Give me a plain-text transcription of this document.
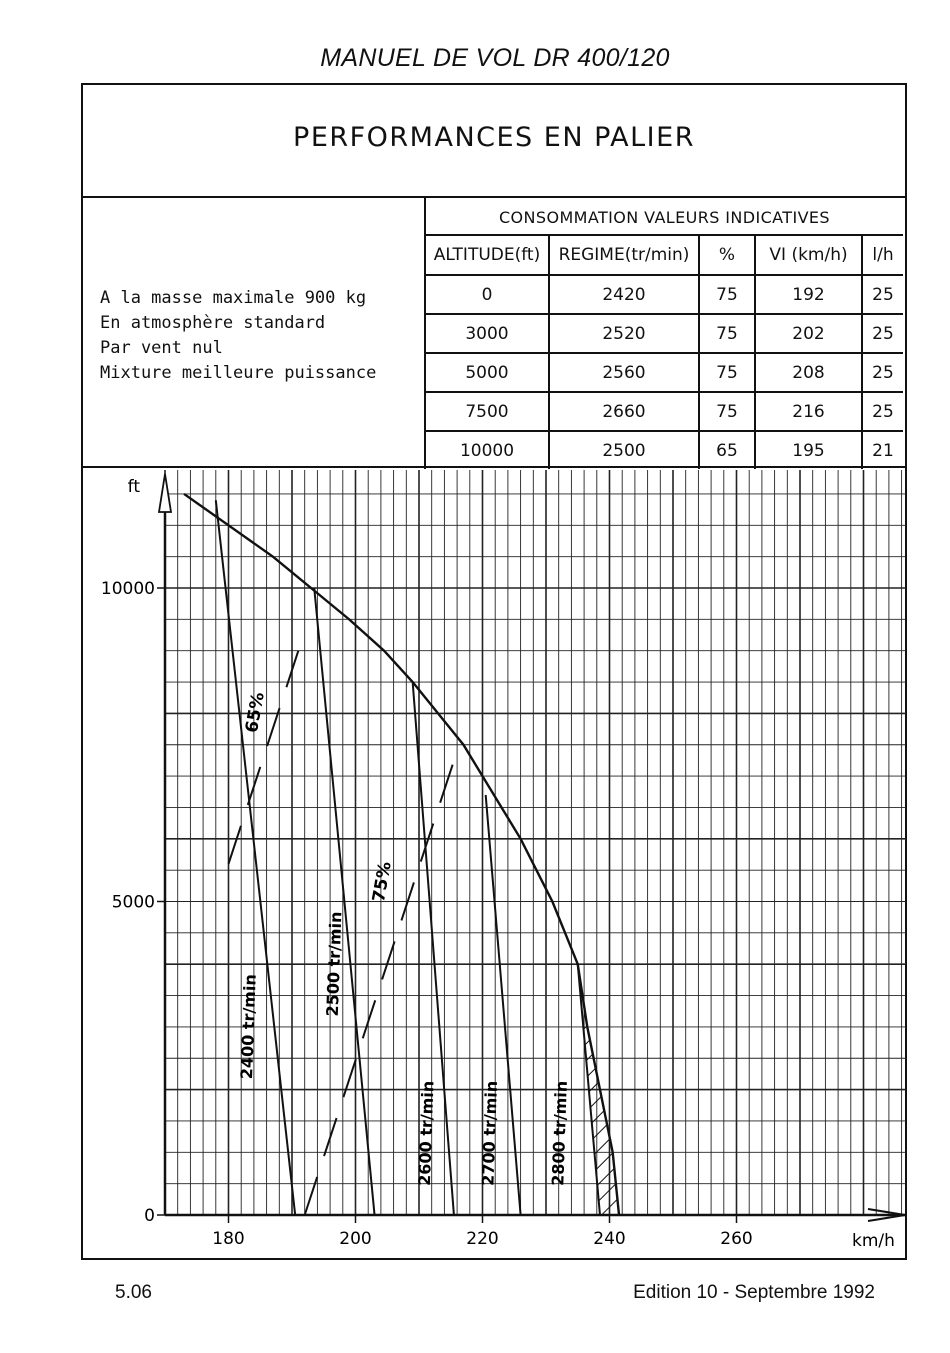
MANUEL DE VOL DR 400/120
PERFORMANCES EN PALIER
A la masse maximale 900 kg
En atmosphère standard
Par vent nul
Mixture meilleure puissance
CONSOMMATION VALEURS INDICATIVES				
ALTITUDE(ft)	REGIME(tr/min)	%	VI (km/h)	l/h
0	2420	75	192	25
3000	2520	75	202	25
5000	2560	75	208	25
7500	2660	75	216	25
10000	2500	65	195	21
ft
km/h
180	200	220	240	260
0
5000
10000
2400 tr/min
2500 tr/min
2600 tr/min	2700 tr/min	2800 tr/min
65%
75%
5.06	Edition 10 - Septembre 1992
